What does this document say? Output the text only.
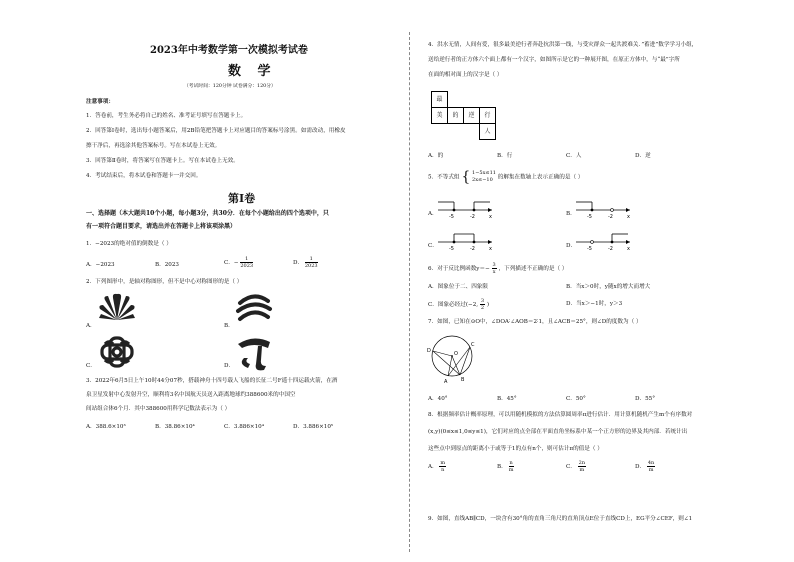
2023年中考数学第一次模拟考试卷
数 学
（考试时间：120分钟 试卷满分：120分）
注意事项：
1．答卷前，考生务必将自己的姓名、准考证号填写在答题卡上。
2．回答第Ⅰ卷时，选出每小题答案后，用2B铅笔把答题卡上对应题目的答案标号涂黑。如需改动，用橡皮
擦干净后，再选涂其他答案标号。写在本试卷上无效。
3．回答第Ⅱ卷时，将答案写在答题卡上。写在本试卷上无效。
4．考试结束后，将本试卷和答题卡一并交回。
第Ⅰ卷
一、选择题（本大题共10个小题，每小题3分，共30分．在每个小题给出的四个选项中，只
有一项符合题目要求，请选出并在答题卡上将该项涂黑）
1．−2023的绝对值的倒数是（ ）
A．−2023	B．2023	C．− $\frac{1}{2023}$	D． $\frac{1}{2023}$
2．下列图形中，是轴对称图形，但不是中心对称图形的是（ ）
A．	B．
C．	D．
3．2022年6月5日上午10时44分07秒，搭载神舟十四号载人飞船的长征二号F遥十四运载火箭，在酒
泉卫星发射中心发射升空，顺利将3名中国航天员送入距离地球约388600米的中国空
间站组合体6个月．其中388600用科学记数法表示为（ ）
A．388.6×10³	B．38.86×10⁴	C．3.886×10⁴	D．3.886×10⁵
4．洪水无情，人间有爱，很多最美逆行者奔赴抗洪第一线，与受灾群众一起共渡难关．”蓄进”数学学习小组，
送给逆行者的正方体六个面上都有一个汉字，如图所示是它的一种展开图，在原正方体中，与“最”字所
在面的相对面上的汉字是（ ）
最
美	的	逆	行
人
A．的	B．行	C．人	D．逆
5．不等式组 { 1−5x≤11
2x≤−10 的解集在数轴上表示正确的是（ ）
A． -5	-2	x	B． -5	-2	x
C． -5	-2	x	D． -5	-2	x
6．对于反比例函数$y=- \frac{3}{x}$ ，下列描述不正确的是（ ）
A．图象位于二、四象限	B．当x＞0时，y随x的增大而增大
C．图象必经过(−2, $\frac{3}{2}$ )	D．当x＞−1时，y＞3
7．如图，已知在⊙O中，∠DOA∶∠AOB＝2∶1，且∠ACB＝25°，则∠D的度数为（ ）
D	O
C
A	B
A．40°	B．45°	C．50°	D．55°
8．根据频率估计概率原理，可以用随机模拟的方法估算圆周率π进行估计．用计算机随机产生m个有序数对
(x,y)(0≤x≤1,0≤y≤1)，它们对应的点全部在平面直角坐标系中某一个正方形的边界及其内部．若统计出
这些点中到原点的距离小于或等于1的点有n个，则可估计π的值是（ ）
A． $\frac{m}{n}$	B． $\frac{n}{m}$	C． $\frac{2n}{m}$	D． $\frac{4n}{m}$
9．如图，直线AB∥CD，一块含有30°角的直角三角尺的直角顶点E位于直线CD上，EG平分∠CEF，则∠1
